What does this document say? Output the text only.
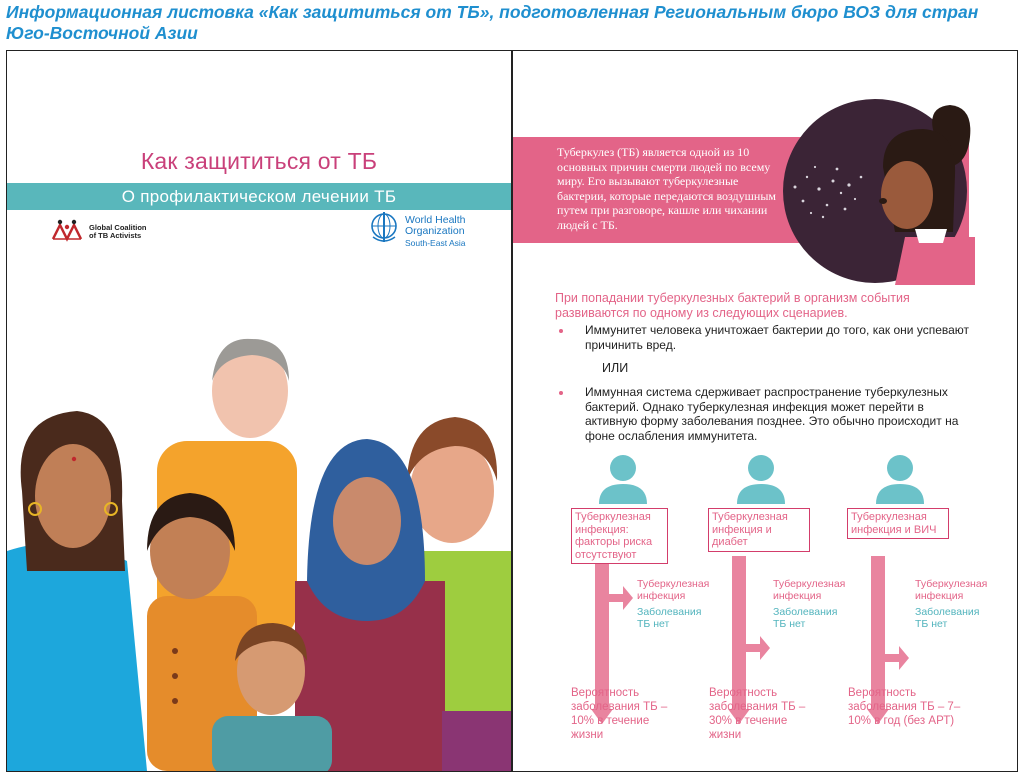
Информационная листовка «Как защититься от ТБ», подготовленная Региональным бюро ВОЗ для стран Юго-Восточной Азии
Как защититься от ТБ
О профилактическом лечении ТБ
Global Coalition
of TB Activists
World Health
Organization
South-East Asia
Туберкулез (ТБ) является одной из 10 основных причин смерти людей по всему миру. Его вызывают туберкулезные бактерии, которые передаются воздушным путем при разговоре, кашле или чихании людей с ТБ.
При попадании туберкулезных бактерий в организм события развиваются по одному из следующих сценариев.
Иммунитет человека уничтожает бактерии до того, как они успевают причинить вред.
ИЛИ
Иммунная система сдерживает распространение туберкулезных бактерий. Однако туберкулезная инфекция может перейти в активную форму заболевания позднее. Это обычно происходит на фоне ослабления иммунитета.
Туберкулезная инфекция: факторы риска отсутствуют
Туберкулезная инфекция и диабет
Туберкулезная инфекция и ВИЧ
Туберкулезная инфекция
Заболевания ТБ нет
Туберкулезная инфекция
Заболевания ТБ нет
Туберкулезная инфекция
Заболевания ТБ нет
Вероятность заболевания ТБ – 10% в течение жизни
Вероятность заболевания ТБ – 30% в течение жизни
Вероятность заболевания ТБ – 7–10% в год (без АРТ)
